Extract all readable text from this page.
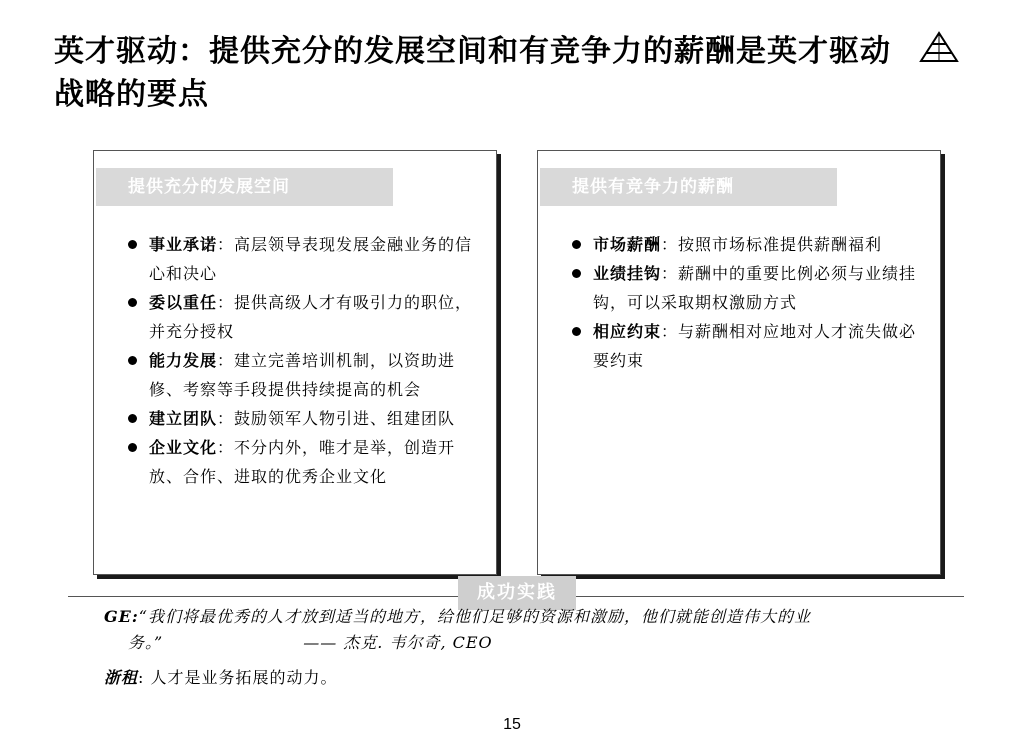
英才驱动：提供充分的发展空间和有竞争力的薪酬是英才驱动战略的要点
提供充分的发展空间
事业承诺：高层领导表现发展金融业务的信心和决心
委以重任：提供高级人才有吸引力的职位，并充分授权
能力发展：建立完善培训机制，以资助进修、考察等手段提供持续提高的机会
建立团队：鼓励领军人物引进、组建团队
企业文化：不分内外，唯才是举，创造开放、合作、进取的优秀企业文化
提供有竞争力的薪酬
市场薪酬：按照市场标准提供薪酬福利
业绩挂钩：薪酬中的重要比例必须与业绩挂钩，可以采取期权激励方式
相应约束：与薪酬相对应地对人才流失做必要约束
成功实践
GE:“我们将最优秀的人才放到适当的地方，给他们足够的资源和激励，他们就能创造伟大的业
务。”	—— 杰克. 韦尔奇, CEO
浙租: 人才是业务拓展的动力。
15
